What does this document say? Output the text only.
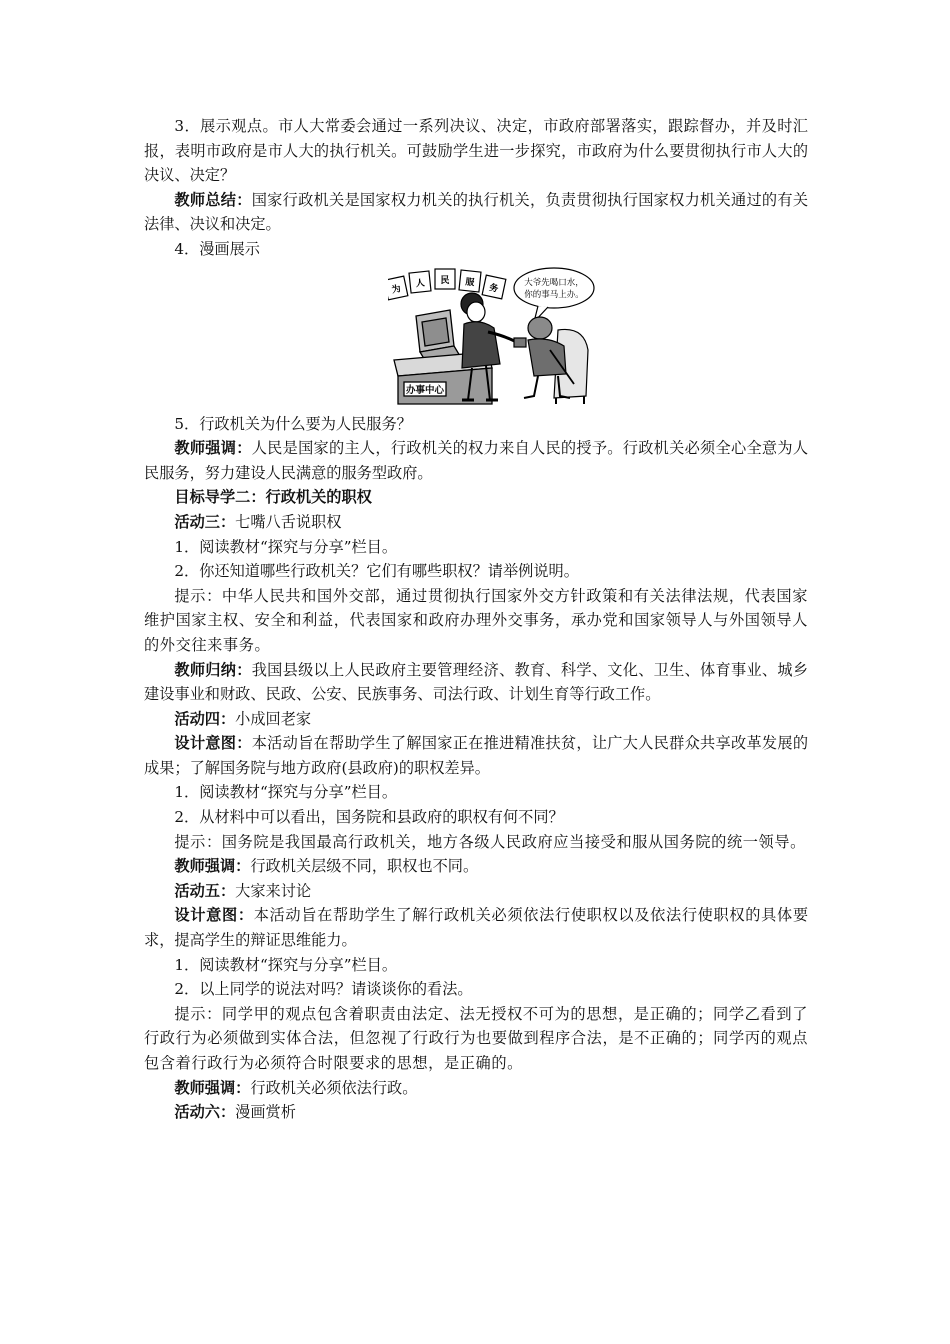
3．展示观点。市人大常委会通过一系列决议、决定，市政府部署落实，跟踪督办，并及时汇报，表明市政府是市人大的执行机关。可鼓励学生进一步探究，市政府为什么要贯彻执行市人大的决议、决定？

教师总结：国家行政机关是国家权力机关的执行机关，负责贯彻执行国家权力机关通过的有关法律、决议和决定。

4．漫画展示

为
人 民 服
务
大爷先喝口水，
你的事马上办。
办事中心

5．行政机关为什么要为人民服务？

教师强调：人民是国家的主人，行政机关的权力来自人民的授予。行政机关必须全心全意为人民服务，努力建设人民满意的服务型政府。

目标导学二：行政机关的职权

活动三：七嘴八舌说职权

1．阅读教材“探究与分享”栏目。

2．你还知道哪些行政机关？它们有哪些职权？请举例说明。

提示：中华人民共和国外交部，通过贯彻执行国家外交方针政策和有关法律法规，代表国家维护国家主权、安全和利益，代表国家和政府办理外交事务，承办党和国家领导人与外国领导人的外交往来事务。

教师归纳：我国县级以上人民政府主要管理经济、教育、科学、文化、卫生、体育事业、城乡建设事业和财政、民政、公安、民族事务、司法行政、计划生育等行政工作。

活动四：小成回老家

设计意图：本活动旨在帮助学生了解国家正在推进精准扶贫，让广大人民群众共享改革发展的成果；了解国务院与地方政府(县政府)的职权差异。

1．阅读教材“探究与分享”栏目。

2．从材料中可以看出，国务院和县政府的职权有何不同？

提示：国务院是我国最高行政机关，地方各级人民政府应当接受和服从国务院的统一领导。

教师强调：行政机关层级不同，职权也不同。

活动五：大家来讨论

设计意图：本活动旨在帮助学生了解行政机关必须依法行使职权以及依法行使职权的具体要求，提高学生的辩证思维能力。

1．阅读教材“探究与分享”栏目。

2．以上同学的说法对吗？请谈谈你的看法。

提示：同学甲的观点包含着职责由法定、法无授权不可为的思想，是正确的；同学乙看到了行政行为必须做到实体合法，但忽视了行政行为也要做到程序合法，是不正确的；同学丙的观点包含着行政行为必须符合时限要求的思想，是正确的。

教师强调：行政机关必须依法行政。

活动六：漫画赏析
